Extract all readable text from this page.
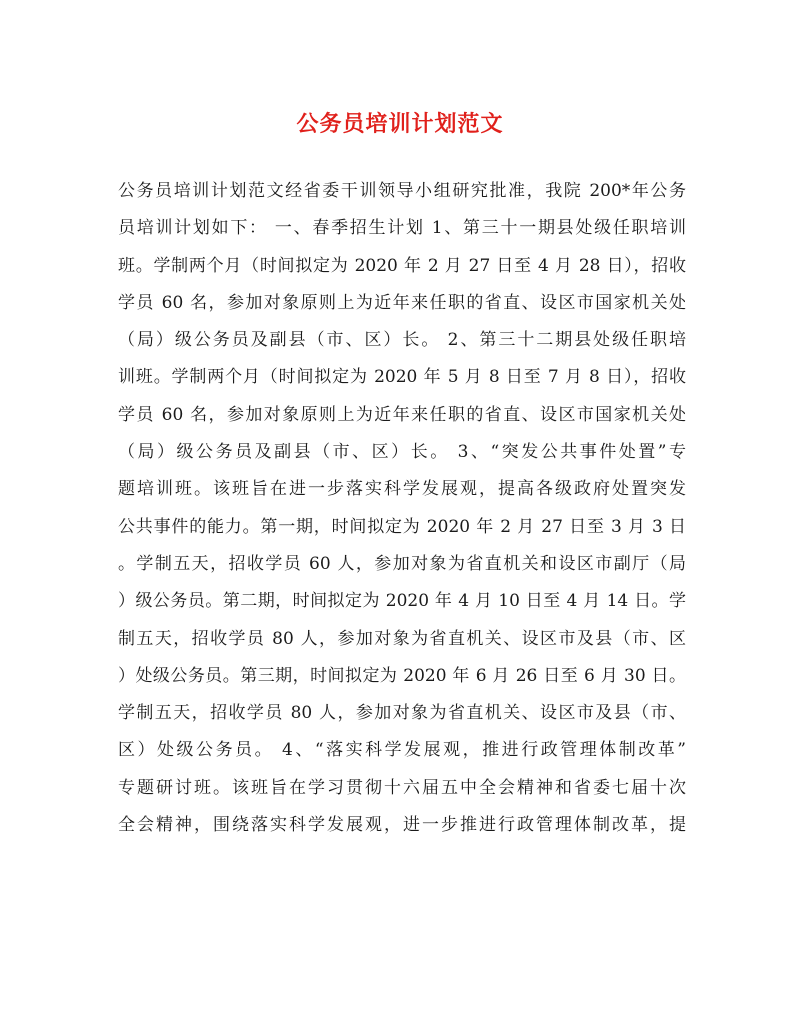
公务员培训计划范文
公务员培训计划范文经省委干训领导小组研究批准，我院 200*年公务
员培训计划如下： 一、春季招生计划 1、第三十一期县处级任职培训
班。学制两个月（时间拟定为 2020 年 2 月 27 日至 4 月 28 日），招收
学员 60 名，参加对象原则上为近年来任职的省直、设区市国家机关处
（局）级公务员及副县（市、区）长。 2、第三十二期县处级任职培
训班。学制两个月（时间拟定为 2020 年 5 月 8 日至 7 月 8 日），招收
学员 60 名，参加对象原则上为近年来任职的省直、设区市国家机关处
（局）级公务员及副县（市、区）长。 3、“突发公共事件处置”专
题培训班。该班旨在进一步落实科学发展观，提高各级政府处置突发
公共事件的能力。第一期，时间拟定为 2020 年 2 月 27 日至 3 月 3 日
。学制五天，招收学员 60 人，参加对象为省直机关和设区市副厅（局
）级公务员。第二期，时间拟定为 2020 年 4 月 10 日至 4 月 14 日。学
制五天，招收学员 80 人，参加对象为省直机关、设区市及县（市、区
）处级公务员。第三期，时间拟定为 2020 年 6 月 26 日至 6 月 30 日。
学制五天，招收学员 80 人，参加对象为省直机关、设区市及县（市、
区）处级公务员。 4、“落实科学发展观，推进行政管理体制改革”
专题研讨班。该班旨在学习贯彻十六届五中全会精神和省委七届十次
全会精神，围绕落实科学发展观，进一步推进行政管理体制改革，提
